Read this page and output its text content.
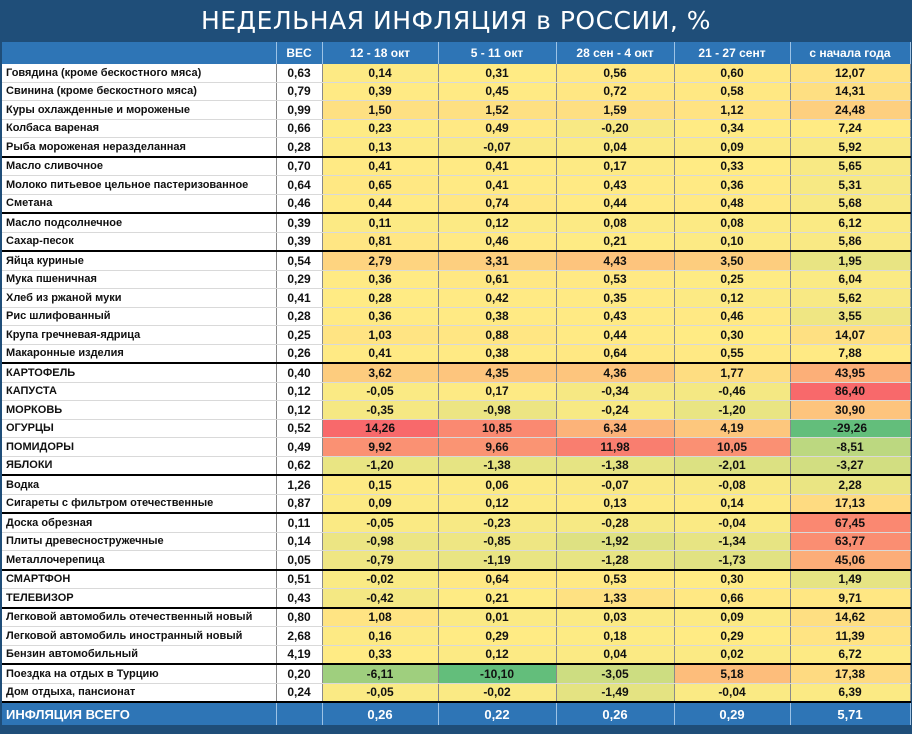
НЕДЕЛЬНАЯ ИНФЛЯЦИЯ в РОССИИ, %
	ВЕС	12 - 18 окт	5 - 11 окт	28 сен - 4 окт	21 - 27 сент	с начала года
Говядина (кроме бескостного мяса)	0,63	0,14	0,31	0,56	0,60	12,07
Свинина (кроме бескостного мяса)	0,79	0,39	0,45	0,72	0,58	14,31
Куры охлажденные и мороженые	0,99	1,50	1,52	1,59	1,12	24,48
Колбаса вареная	0,66	0,23	0,49	-0,20	0,34	7,24
Рыба мороженая неразделанная	0,28	0,13	-0,07	0,04	0,09	5,92
Масло сливочное	0,70	0,41	0,41	0,17	0,33	5,65
Молоко питьевое цельное пастеризованное	0,64	0,65	0,41	0,43	0,36	5,31
Сметана	0,46	0,44	0,74	0,44	0,48	5,68
Масло подсолнечное	0,39	0,11	0,12	0,08	0,08	6,12
Сахар-песок	0,39	0,81	0,46	0,21	0,10	5,86
Яйца куриные	0,54	2,79	3,31	4,43	3,50	1,95
Мука пшеничная	0,29	0,36	0,61	0,53	0,25	6,04
Хлеб из ржаной муки	0,41	0,28	0,42	0,35	0,12	5,62
Рис шлифованный	0,28	0,36	0,38	0,43	0,46	3,55
Крупа гречневая-ядрица	0,25	1,03	0,88	0,44	0,30	14,07
Макаронные изделия	0,26	0,41	0,38	0,64	0,55	7,88
КАРТОФЕЛЬ	0,40	3,62	4,35	4,36	1,77	43,95
КАПУСТА	0,12	-0,05	0,17	-0,34	-0,46	86,40
МОРКОВЬ	0,12	-0,35	-0,98	-0,24	-1,20	30,90
ОГУРЦЫ	0,52	14,26	10,85	6,34	4,19	-29,26
ПОМИДОРЫ	0,49	9,92	9,66	11,98	10,05	-8,51
ЯБЛОКИ	0,62	-1,20	-1,38	-1,38	-2,01	-3,27
Водка	1,26	0,15	0,06	-0,07	-0,08	2,28
Сигареты с фильтром отечественные	0,87	0,09	0,12	0,13	0,14	17,13
Доска обрезная	0,11	-0,05	-0,23	-0,28	-0,04	67,45
Плиты древесностружечные	0,14	-0,98	-0,85	-1,92	-1,34	63,77
Металлочерепица	0,05	-0,79	-1,19	-1,28	-1,73	45,06
СМАРТФОН	0,51	-0,02	0,64	0,53	0,30	1,49
ТЕЛЕВИЗОР	0,43	-0,42	0,21	1,33	0,66	9,71
Легковой автомобиль отечественный новый	0,80	1,08	0,01	0,03	0,09	14,62
Легковой автомобиль иностранный новый	2,68	0,16	0,29	0,18	0,29	11,39
Бензин автомобильный	4,19	0,33	0,12	0,04	0,02	6,72
Поездка на отдых в Турцию	0,20	-6,11	-10,10	-3,05	5,18	17,38
Дом отдыха, пансионат	0,24	-0,05	-0,02	-1,49	-0,04	6,39
ИНФЛЯЦИЯ ВСЕГО		0,26	0,22	0,26	0,29	5,71
